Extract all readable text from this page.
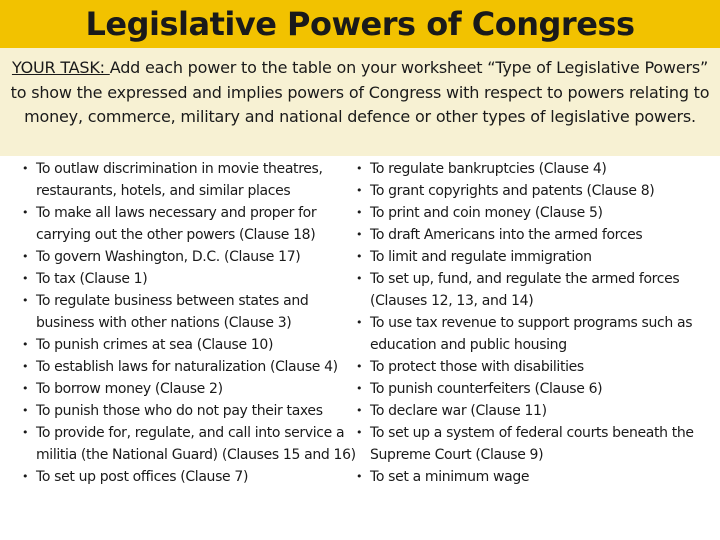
Legislative Powers of Congress
YOUR TASK: Add each power to the table on your worksheet “Type of Legislative Powers” to show the expressed and implies powers of Congress with respect to powers relating to money, commerce, military and national defence or other types of legislative powers.
• To outlaw discrimination in movie theatres, restaurants, hotels, and similar places
• To make all laws necessary and proper for carrying out the other powers (Clause 18)
• To govern Washington, D.C. (Clause 17)
• To tax (Clause 1)
• To regulate business between states and business with other nations (Clause 3)
• To punish crimes at sea (Clause 10)
• To establish laws for naturalization (Clause 4)
• To borrow money (Clause 2)
• To punish those who do not pay their taxes
• To provide for, regulate, and call into service a militia (the National Guard) (Clauses 15 and 16)
• To set up post offices (Clause 7)
• To regulate bankruptcies (Clause 4)
• To grant copyrights and patents (Clause 8)
• To print and coin money (Clause 5)
• To draft Americans into the armed forces
• To limit and regulate immigration
• To set up, fund, and regulate the armed forces (Clauses 12, 13, and 14)
• To use tax revenue to support programs such as education and public housing
• To protect those with disabilities
• To punish counterfeiters (Clause 6)
• To declare war (Clause 11)
• To set up a system of federal courts beneath the Supreme Court (Clause 9)
• To set a minimum wage
